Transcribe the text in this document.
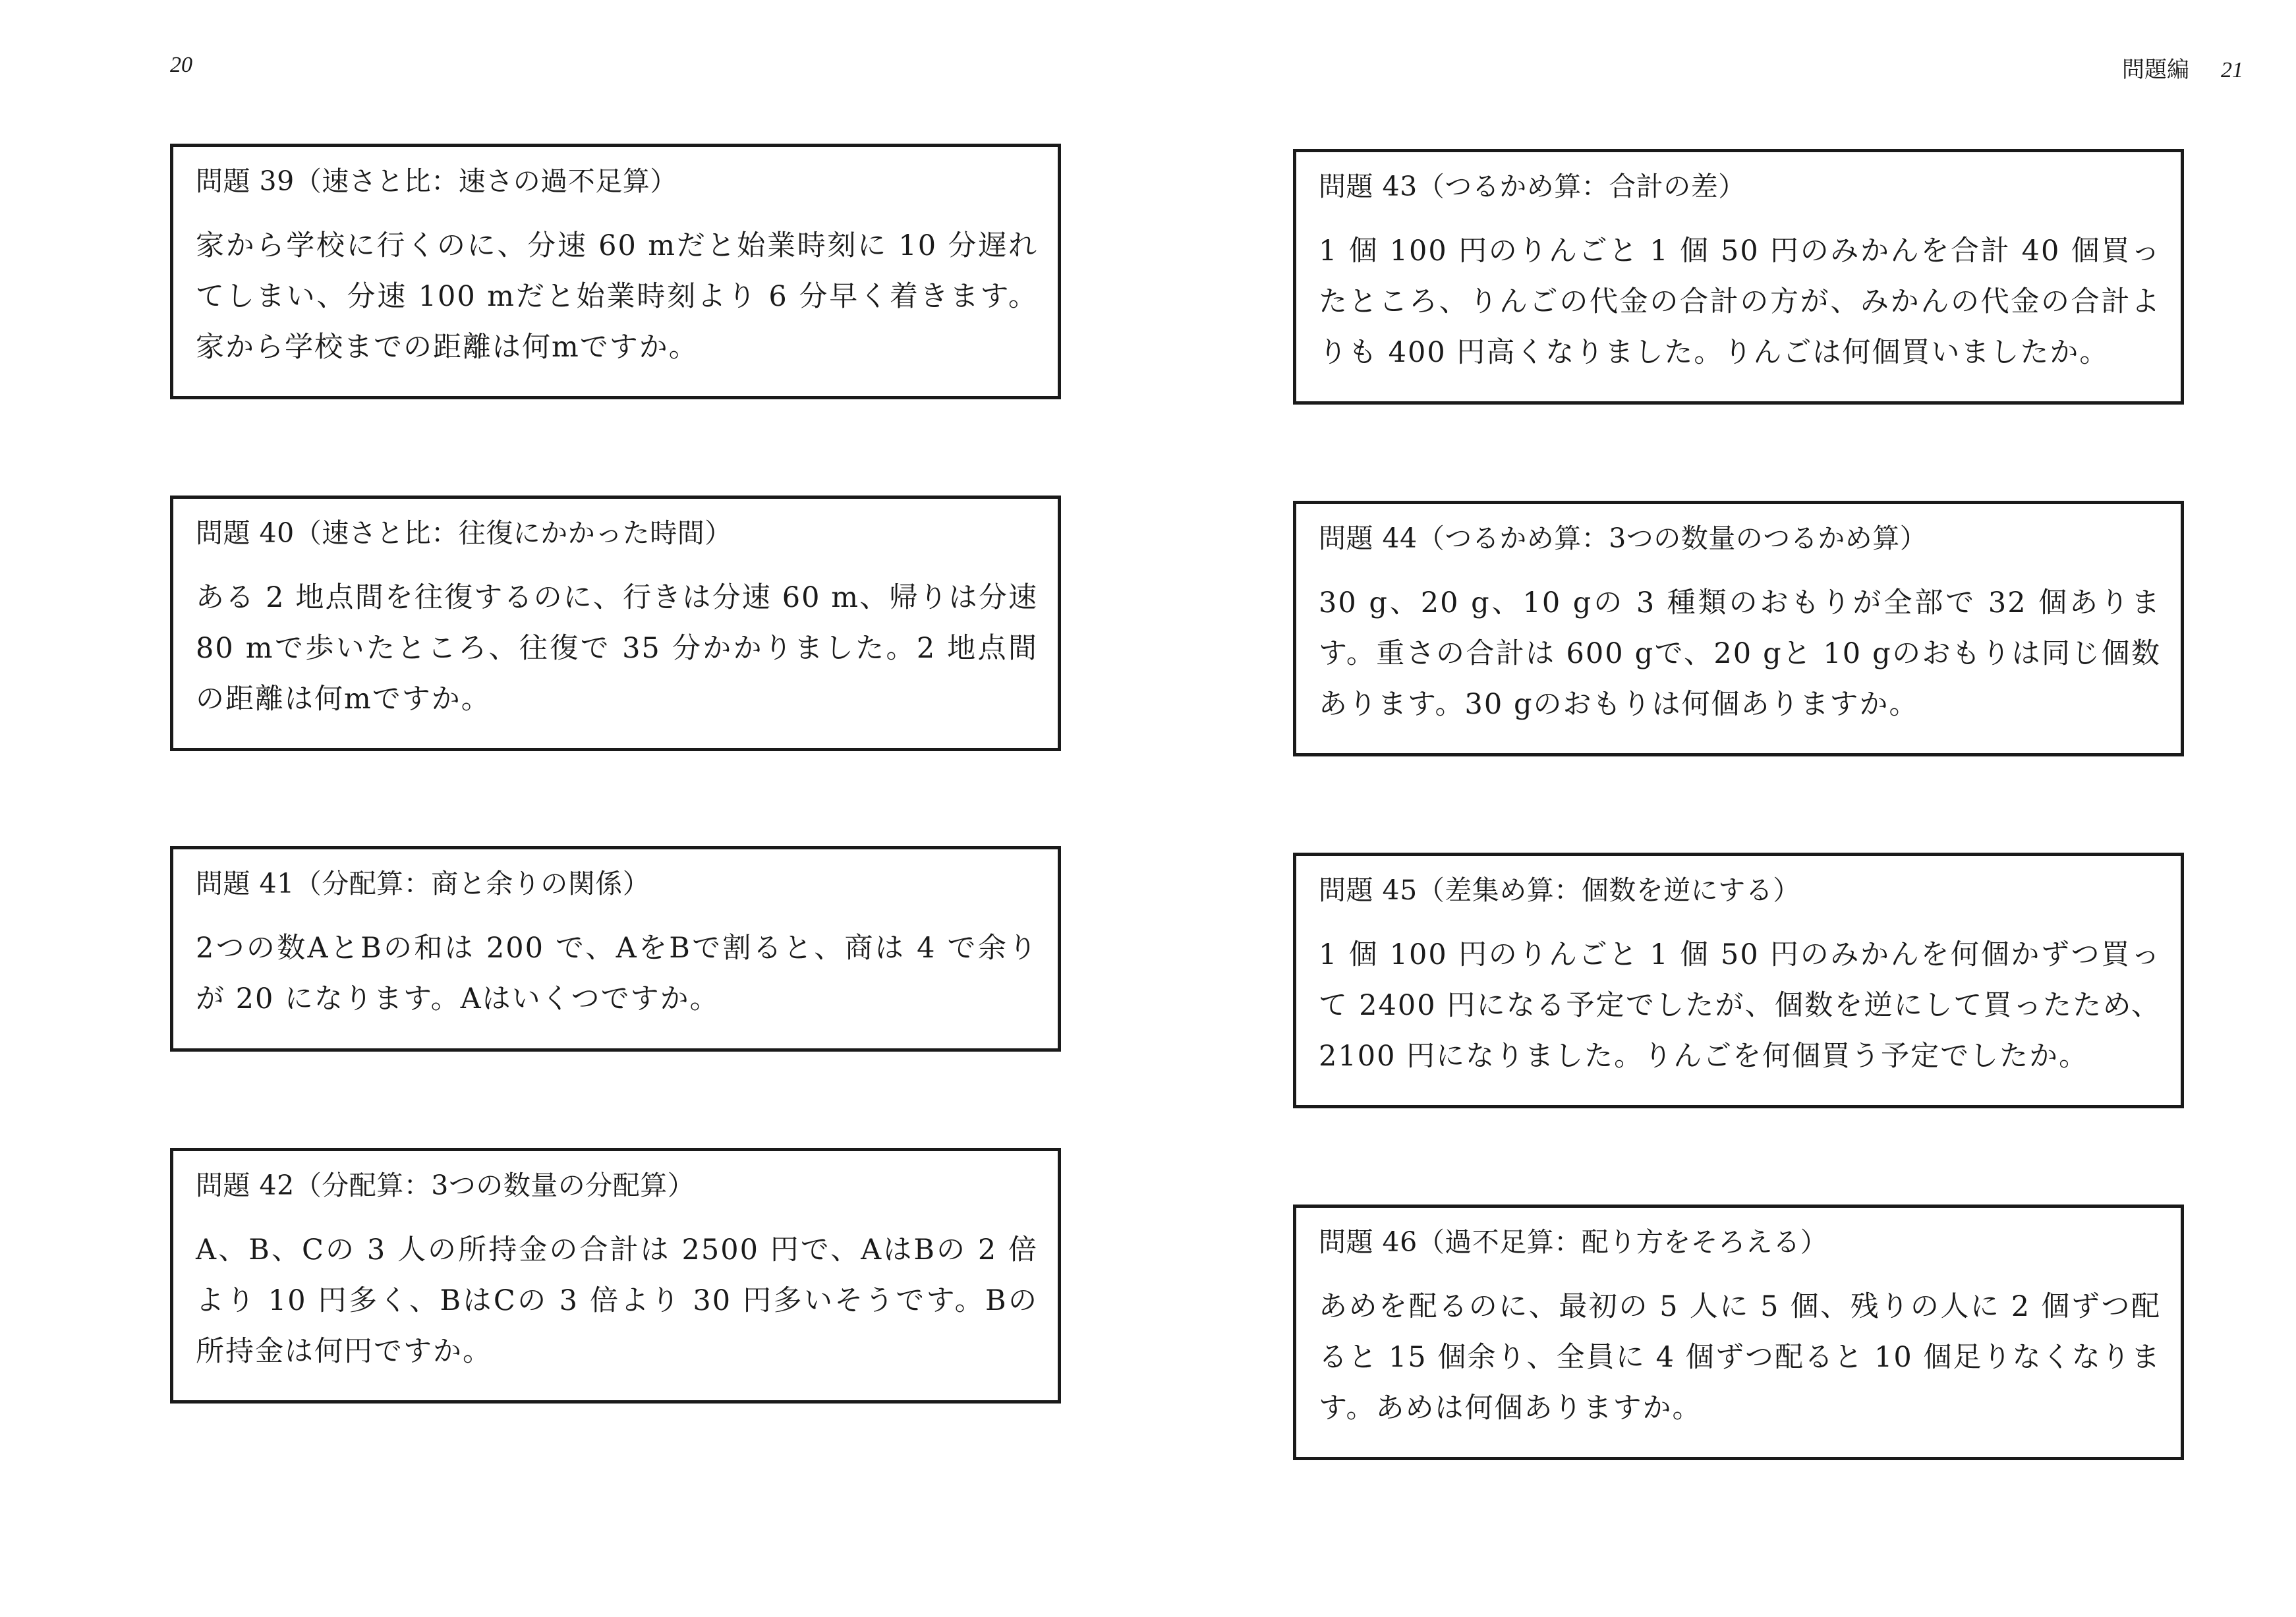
20	問題編 21
問題 39（速さと比：速さの過不足算）
家から学校に行くのに、分速 60 mだと始業時刻に 10 分遅れてしまい、分速 100 mだと始業時刻より 6 分早く着きます。家から学校までの距離は何mですか。
問題 40（速さと比：往復にかかった時間）
ある 2 地点間を往復するのに、行きは分速 60 m、帰りは分速 80 mで歩いたところ、往復で 35 分かかりました。2 地点間の距離は何mですか。
問題 41（分配算：商と余りの関係）
2つの数AとBの和は 200 で、AをBで割ると、商は 4 で余りが 20 になります。Aはいくつですか。
問題 42（分配算：3つの数量の分配算）
A、B、Cの 3 人の所持金の合計は 2500 円で、AはBの 2 倍より 10 円多く、BはCの 3 倍より 30 円多いそうです。Bの所持金は何円ですか。
問題 43（つるかめ算：合計の差）
1 個 100 円のりんごと 1 個 50 円のみかんを合計 40 個買ったところ、りんごの代金の合計の方が、みかんの代金の合計よりも 400 円高くなりました。りんごは何個買いましたか。
問題 44（つるかめ算：3つの数量のつるかめ算）
30 g、20 g、10 gの 3 種類のおもりが全部で 32 個あります。重さの合計は 600 gで、20 gと 10 gのおもりは同じ個数あります。30 gのおもりは何個ありますか。
問題 45（差集め算：個数を逆にする）
1 個 100 円のりんごと 1 個 50 円のみかんを何個かずつ買って 2400 円になる予定でしたが、個数を逆にして買ったため、2100 円になりました。りんごを何個買う予定でしたか。
問題 46（過不足算：配り方をそろえる）
あめを配るのに、最初の 5 人に 5 個、残りの人に 2 個ずつ配ると 15 個余り、全員に 4 個ずつ配ると 10 個足りなくなります。あめは何個ありますか。
